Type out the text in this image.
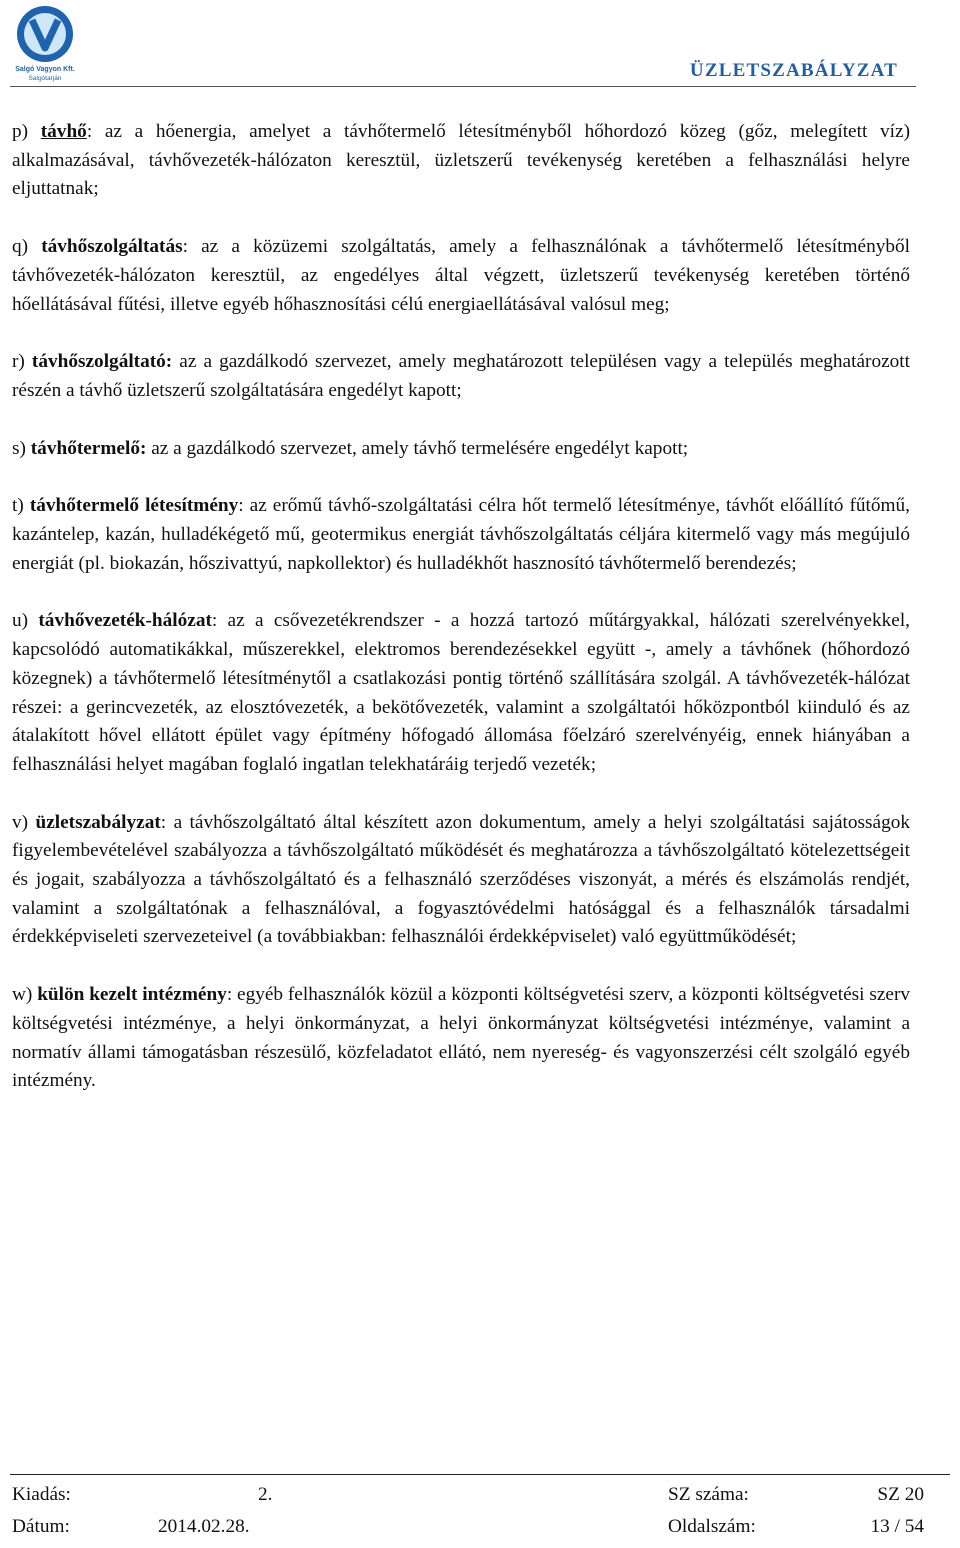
Salgó Vagyon Kft.
Salgótarján	ÜZLETSZABÁLYZAT

p) távhő: az a hőenergia, amelyet a távhőtermelő létesítményből hőhordozó közeg (gőz, melegített víz) alkalmazásával, távhővezeték-hálózaton keresztül, üzletszerű tevékenység keretében a felhasználási helyre eljuttatnak;

q) távhőszolgáltatás: az a közüzemi szolgáltatás, amely a felhasználónak a távhőtermelő létesítményből távhővezeték-hálózaton keresztül, az engedélyes által végzett, üzletszerű tevékenység keretében történő hőellátásával fűtési, illetve egyéb hőhasznosítási célú energiaellátásával valósul meg;

r) távhőszolgáltató: az a gazdálkodó szervezet, amely meghatározott településen vagy a település meghatározott részén a távhő üzletszerű szolgáltatására engedélyt kapott;

s) távhőtermelő: az a gazdálkodó szervezet, amely távhő termelésére engedélyt kapott;

t) távhőtermelő létesítmény: az erőmű távhő-szolgáltatási célra hőt termelő létesítménye, távhőt előállító fűtőmű, kazántelep, kazán, hulladékégető mű, geotermikus energiát távhőszolgáltatás céljára kitermelő vagy más megújuló energiát (pl. biokazán, hőszivattyú, napkollektor) és hulladékhőt hasznosító távhőtermelő berendezés;

u) távhővezeték-hálózat: az a csővezetékrendszer - a hozzá tartozó műtárgyakkal, hálózati szerelvényekkel, kapcsolódó automatikákkal, műszerekkel, elektromos berendezésekkel együtt -, amely a távhőnek (hőhordozó közegnek) a távhőtermelő létesítménytől a csatlakozási pontig történő szállítására szolgál. A távhővezeték-hálózat részei: a gerincvezeték, az elosztóvezeték, a bekötővezeték, valamint a szolgáltatói hőközpontból kiinduló és az átalakított hővel ellátott épület vagy építmény hőfogadó állomása főelzáró szerelvényéig, ennek hiányában a felhasználási helyet magában foglaló ingatlan telekhatáráig terjedő vezeték;

v) üzletszabályzat: a távhőszolgáltató által készített azon dokumentum, amely a helyi szolgáltatási sajátosságok figyelembevételével szabályozza a távhőszolgáltató működését és meghatározza a távhőszolgáltató kötelezettségeit és jogait, szabályozza a távhőszolgáltató és a felhasználó szerződéses viszonyát, a mérés és elszámolás rendjét, valamint a szolgáltatónak a felhasználóval, a fogyasztóvédelmi hatósággal és a felhasználók társadalmi érdekképviseleti szervezeteivel (a továbbiakban: felhasználói érdekképviselet) való együttműködését;

w) külön kezelt intézmény: egyéb felhasználók közül a központi költségvetési szerv, a központi költségvetési szerv költségvetési intézménye, a helyi önkormányzat, a helyi önkormányzat költségvetési intézménye, valamint a normatív állami támogatásban részesülő, közfeladatot ellátó, nem nyereség- és vagyonszerzési célt szolgáló egyéb intézmény.

Kiadás:	2.	SZ száma:	SZ 20
Dátum:	2014.02.28.	Oldalszám:	13 / 54
